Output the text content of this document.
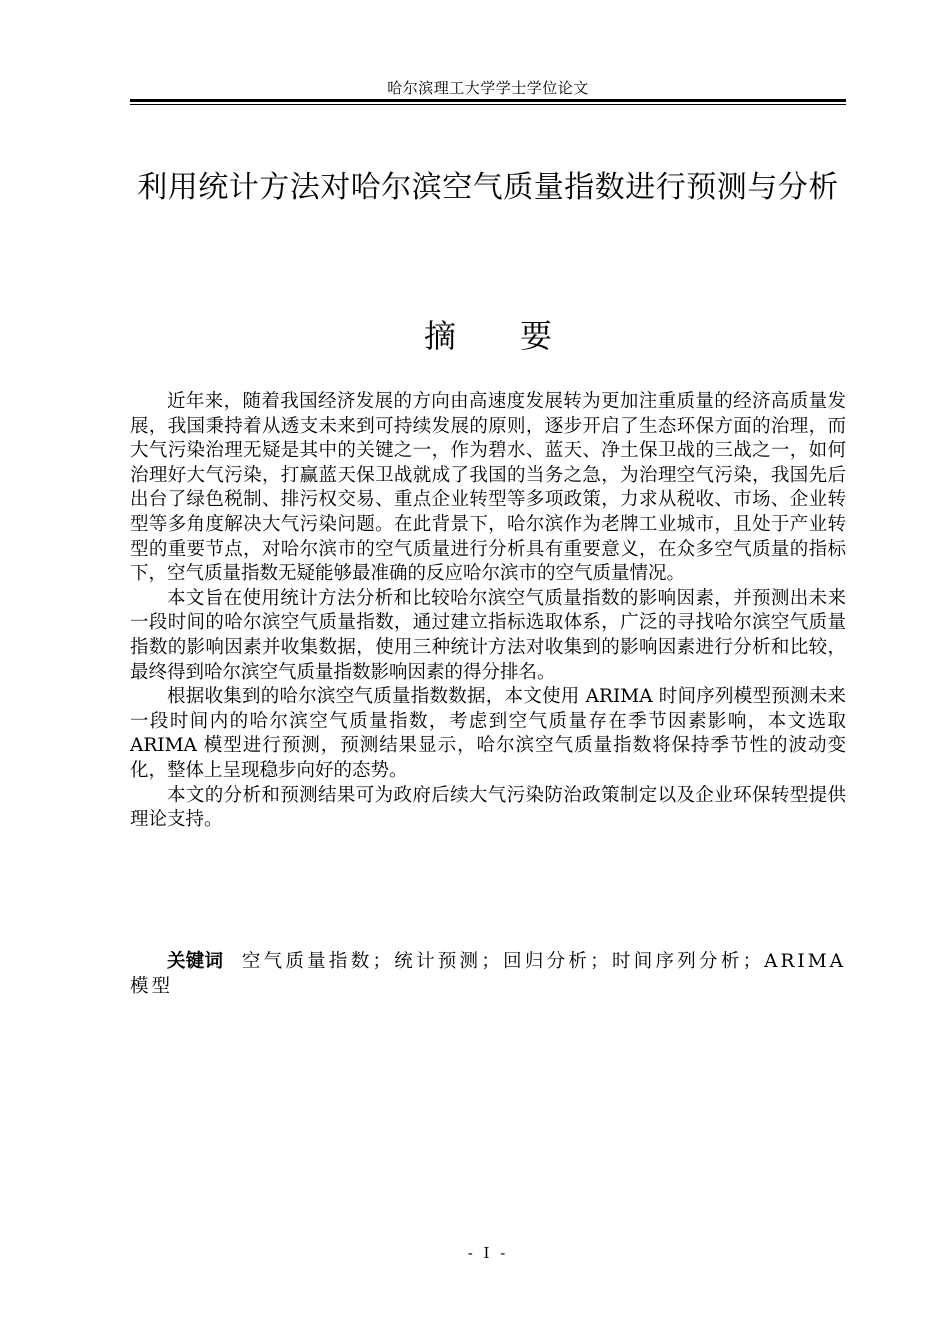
哈尔滨理工大学学士学位论文
利用统计方法对哈尔滨空气质量指数进行预测与分析
摘要

近年来，随着我国经济发展的方向由高速度发展转为更加注重质量的经济高质量发展，我国秉持着从透支未来到可持续发展的原则，逐步开启了生态环保方面的治理，而大气污染治理无疑是其中的关键之一，作为碧水、蓝天、净土保卫战的三战之一，如何治理好大气污染，打赢蓝天保卫战就成了我国的当务之急，为治理空气污染，我国先后出台了绿色税制、排污权交易、重点企业转型等多项政策，力求从税收、市场、企业转型等多角度解决大气污染问题。在此背景下，哈尔滨作为老牌工业城市，且处于产业转型的重要节点，对哈尔滨市的空气质量进行分析具有重要意义，在众多空气质量的指标下，空气质量指数无疑能够最准确的反应哈尔滨市的空气质量情况。

本文旨在使用统计方法分析和比较哈尔滨空气质量指数的影响因素，并预测出未来一段时间的哈尔滨空气质量指数，通过建立指标选取体系，广泛的寻找哈尔滨空气质量指数的影响因素并收集数据，使用三种统计方法对收集到的影响因素进行分析和比较，最终得到哈尔滨空气质量指数影响因素的得分排名。

根据收集到的哈尔滨空气质量指数数据，本文使用 ARIMA 时间序列模型预测未来一段时间内的哈尔滨空气质量指数，考虑到空气质量存在季节因素影响，本文选取 ARIMA 模型进行预测，预测结果显示，哈尔滨空气质量指数将保持季节性的波动变化，整体上呈现稳步向好的态势。

本文的分析和预测结果可为政府后续大气污染防治政策制定以及企业环保转型提供理论支持。

关键词 空气质量指数；统计预测；回归分析；时间序列分析；ARIMA 模型
- I -
